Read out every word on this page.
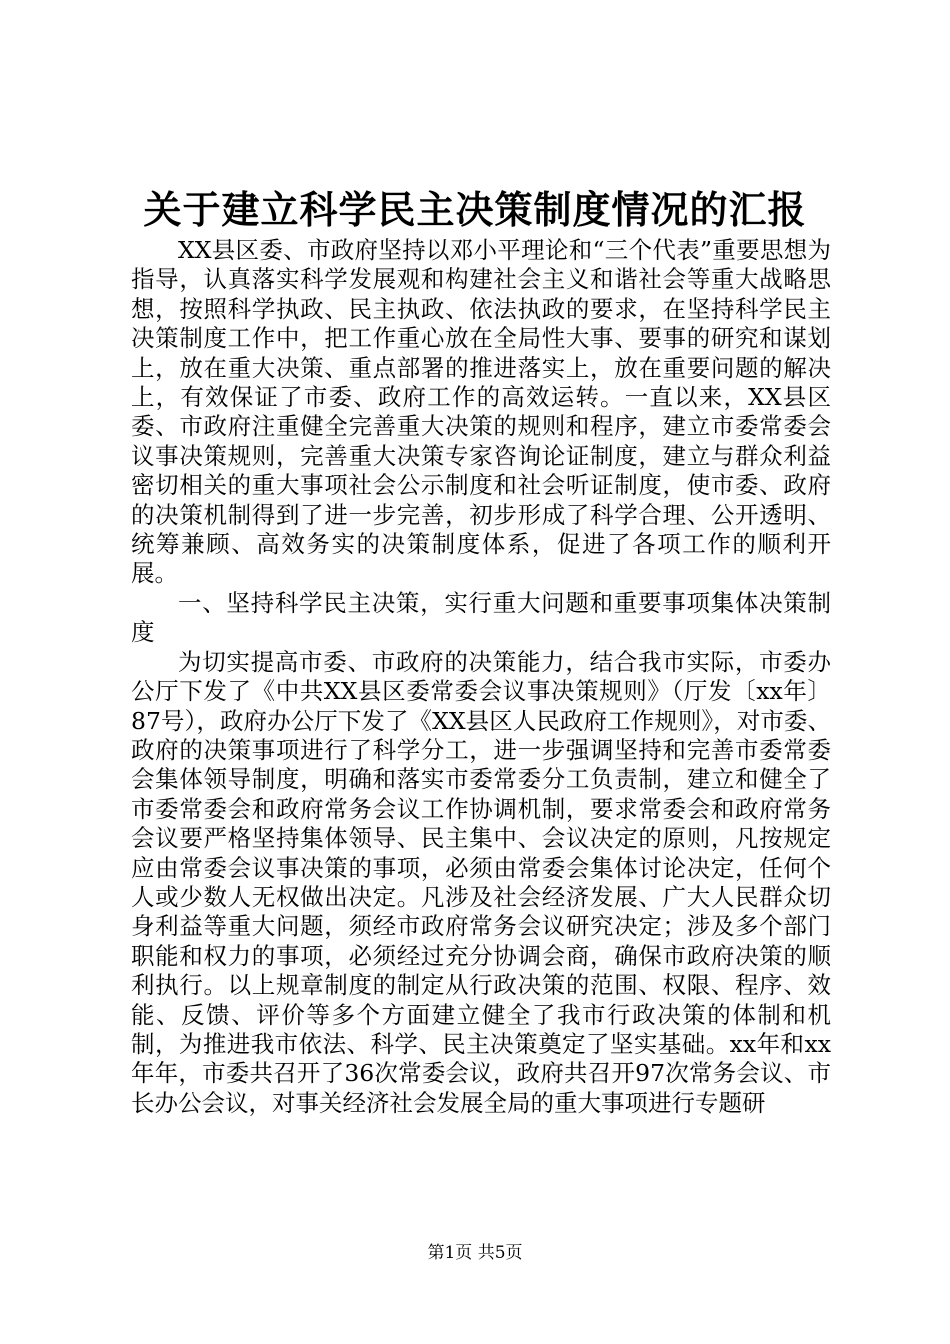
关于建立科学民主决策制度情况的汇报

XX县区委、市政府坚持以邓小平理论和“三个代表”重要思想为指导，认真落实科学发展观和构建社会主义和谐社会等重大战略思想，按照科学执政、民主执政、依法执政的要求，在坚持科学民主决策制度工作中，把工作重心放在全局性大事、要事的研究和谋划上，放在重大决策、重点部署的推进落实上，放在重要问题的解决上，有效保证了市委、政府工作的高效运转。一直以来，XX县区委、市政府注重健全完善重大决策的规则和程序，建立市委常委会议事决策规则，完善重大决策专家咨询论证制度，建立与群众利益密切相关的重大事项社会公示制度和社会听证制度，使市委、政府的决策机制得到了进一步完善，初步形成了科学合理、公开透明、统筹兼顾、高效务实的决策制度体系，促进了各项工作的顺利开展。

一、坚持科学民主决策，实行重大问题和重要事项集体决策制度

为切实提高市委、市政府的决策能力，结合我市实际，市委办公厅下发了《中共XX县区委常委会议事决策规则》（厅发〔xx年〕87号），政府办公厅下发了《XX县区人民政府工作规则》，对市委、政府的决策事项进行了科学分工，进一步强调坚持和完善市委常委会集体领导制度，明确和落实市委常委分工负责制，建立和健全了市委常委会和政府常务会议工作协调机制，要求常委会和政府常务会议要严格坚持集体领导、民主集中、会议决定的原则，凡按规定应由常委会议事决策的事项，必须由常委会集体讨论决定，任何个人或少数人无权做出决定。凡涉及社会经济发展、广大人民群众切身利益等重大问题，须经市政府常务会议研究决定；涉及多个部门职能和权力的事项，必须经过充分协调会商，确保市政府决策的顺利执行。以上规章制度的制定从行政决策的范围、权限、程序、效能、反馈、评价等多个方面建立健全了我市行政决策的体制和机制，为推进我市依法、科学、民主决策奠定了坚实基础。xx年和xx年年，市委共召开了36次常委会议，政府共召开97次常务会议、市长办公会议，对事关经济社会发展全局的重大事项进行专题研

第1页 共5页
